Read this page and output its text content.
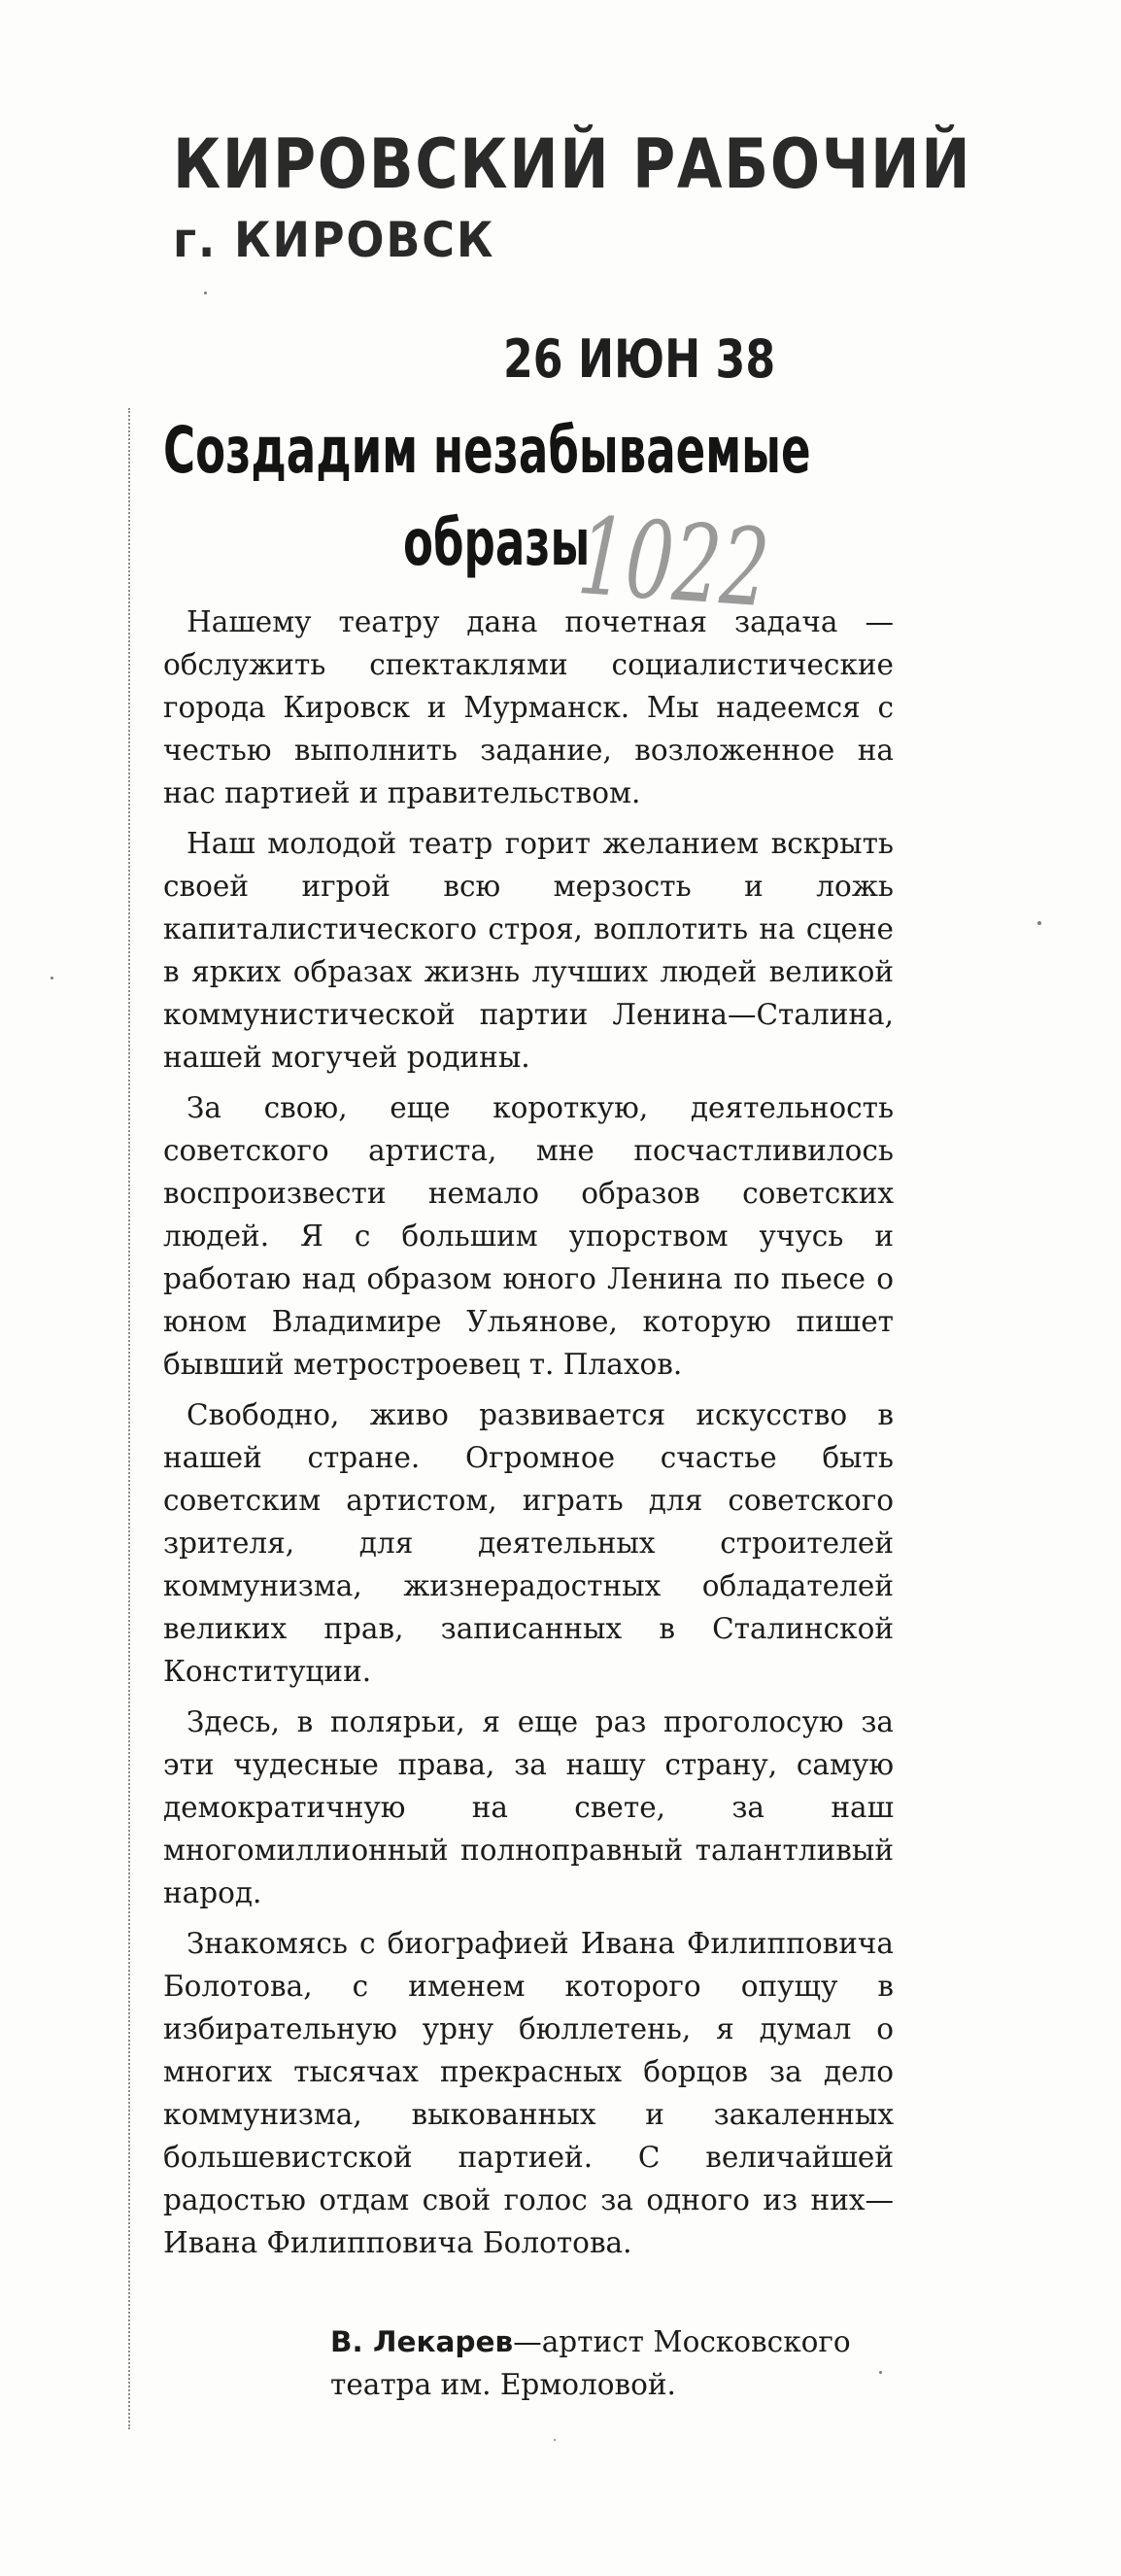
КИРОВСКИЙ РАБОЧИЙ
г. КИРОВСК
26 ИЮН 38
Создадим незабываемые
образы
1022

Нашему театру дана почетная задача — обслужить спектаклями социалистические города Кировск и Мурманск. Мы надеемся с честью выполнить задание, возложенное на нас партией и правительством.

Наш молодой театр горит желанием вскрыть своей игрой всю мерзость и ложь капиталистического строя, воплотить на сцене в ярких образах жизнь лучших людей великой коммунистической партии Ленина—Сталина, нашей могучей родины.

За свою, еще короткую, деятельность советского артиста, мне посчастливилось воспроизвести немало образов советских людей. Я с большим упорством учусь и работаю над образом юного Ленина по пьесе о юном Владимире Ульянове, которую пишет бывший метростроевец т. Плахов.

Свободно, живо развивается искусство в нашей стране. Огромное счастье быть советским артистом, играть для советского зрителя, для деятельных строителей коммунизма, жизнерадостных обладателей великих прав, записанных в Сталинской Конституции.

Здесь, в полярьи, я еще раз проголосую за эти чудесные права, за нашу страну, самую демократичную на свете, за наш многомиллионный полноправный талантливый народ.

Знакомясь с биографией Ивана Филипповича Болотова, с именем которого опущу в избирательную урну бюллетень, я думал о многих тысячах прекрасных борцов за дело коммунизма, выкованных и закаленных большевистской партией. С величайшей радостью отдам свой голос за одного из них—Ивана Филипповича Болотова.

В. Лекарев—артист Московского театра им. Ермоловой.
